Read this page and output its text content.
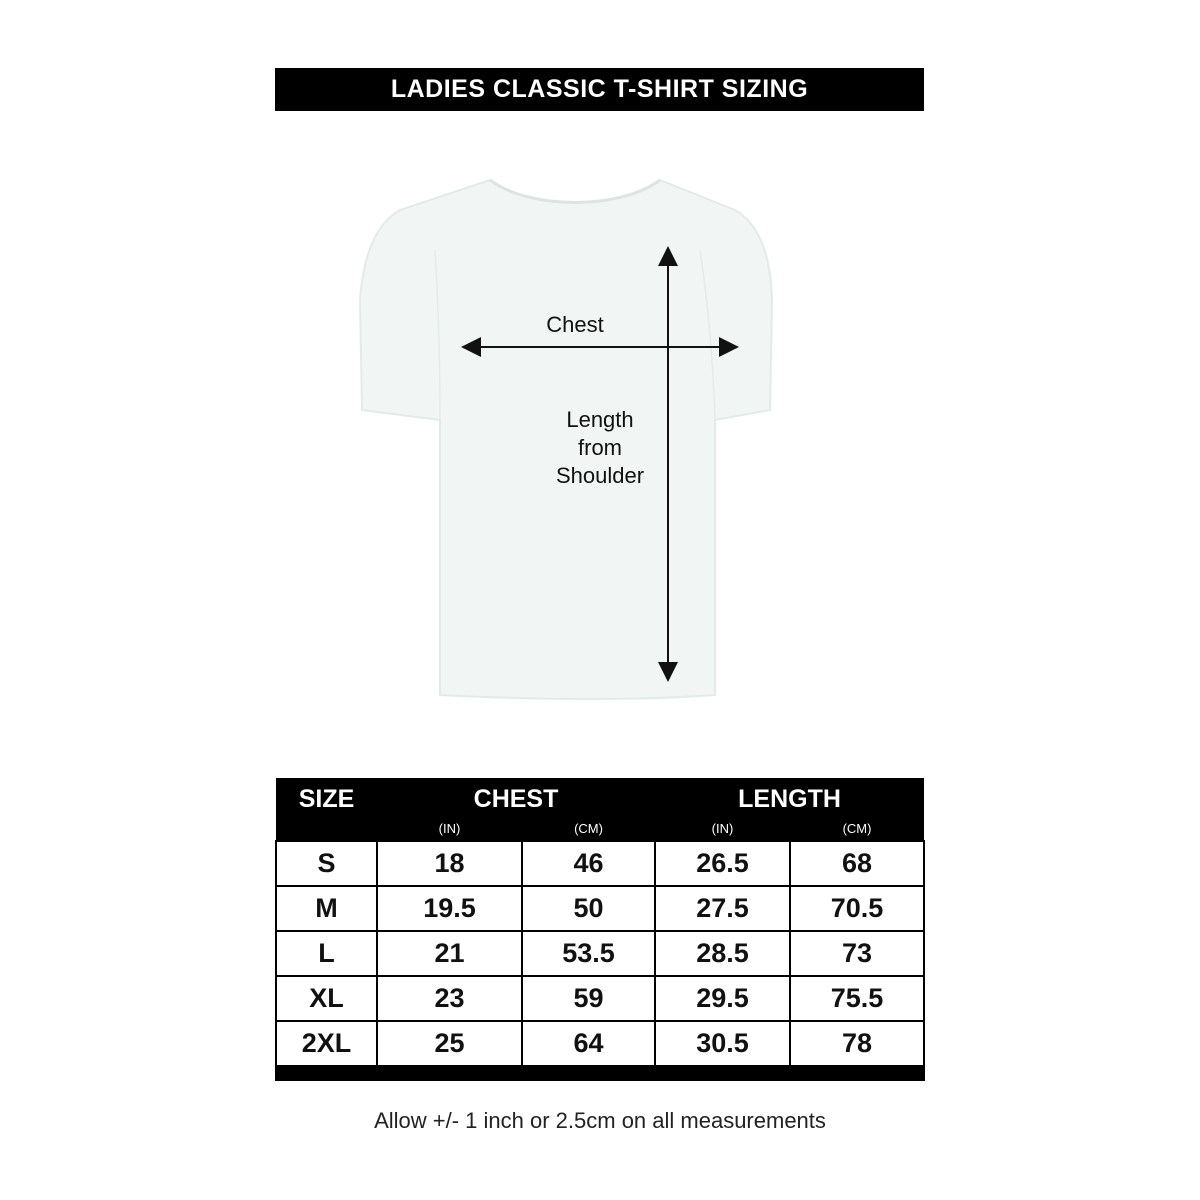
LADIES CLASSIC T-SHIRT SIZING
Chest
Length
from
Shoulder
SIZE	CHEST		LENGTH	
	(IN)	(CM)	(IN)	(CM)
S	18	46	26.5	68
M	19.5	50	27.5	70.5
L	21	53.5	28.5	73
XL	23	59	29.5	75.5
2XL	25	64	30.5	78

Allow +/- 1 inch or 2.5cm on all measurements
